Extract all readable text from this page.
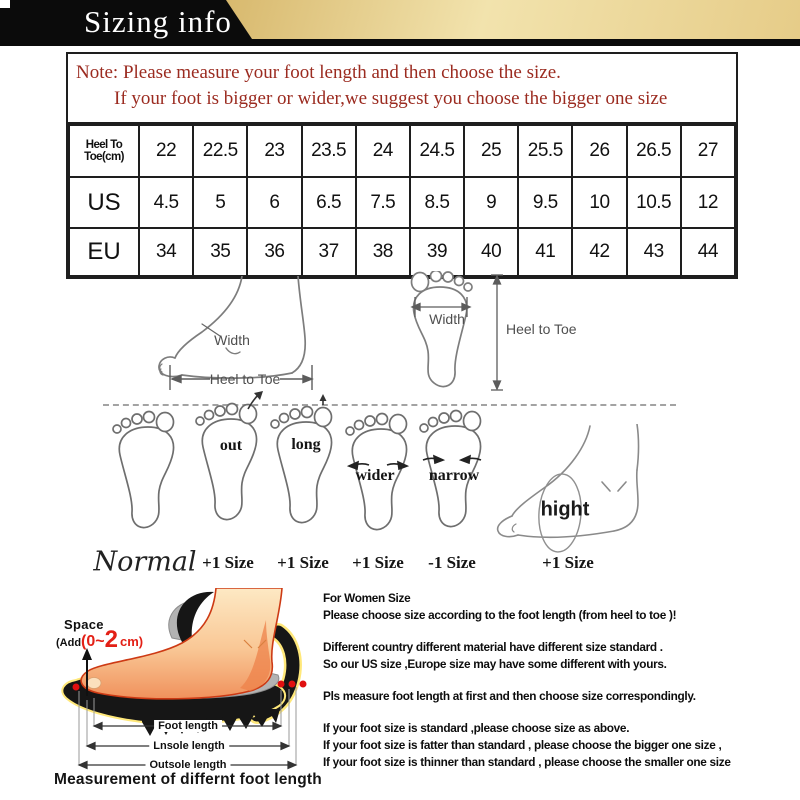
Sizing info
Note: Please measure your foot length and then choose the size.
If your foot is bigger or wider,we suggest you choose the bigger one size
Heel To Toe(cm)	22	22.5	23	23.5	24	24.5	25	25.5	26	26.5	27
US	4.5	5	6	6.5	7.5	8.5	9	9.5	10	10.5	12
EU	34	35	36	37	38	39	40	41	42	43	44
Width
Heel to Toe
Width
Heel to Toe
out	long
wider narrow
hight
Normal +1 Size +1 Size +1 Size -1 Size	+1 Size
Space
(Add (0~ 2 cm)
Foot length
Lnsole length
Outsole length
Measurement of differnt foot length
For Women Size
Please choose size according to the foot length (from heel to toe )!
Different country different material have different size standard .
So our US size ,Europe size may have some different with yours.
Pls measure foot length at first and then choose size correspondingly.
If your foot size is standard ,please choose size as above.
If your foot size is fatter than standard , please choose the bigger one size ,
If your foot size is thinner than standard , please choose the smaller one size
